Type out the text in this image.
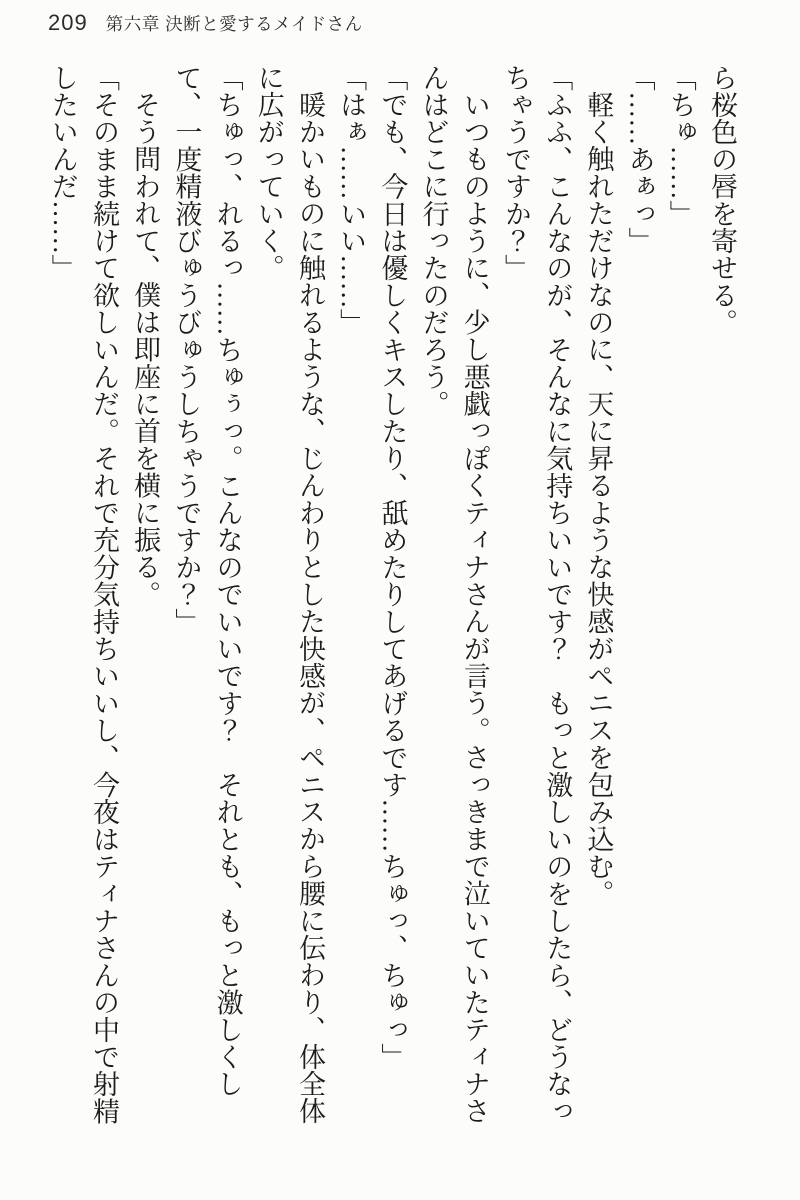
209 第六章 決断と愛するメイドさん

ら桜色の唇を寄せる。

「ちゅ……」

「……あぁっ」

軽く触れただけなのに、天に昇るような快感がペニスを包み込む。

「ふふ、こんなのが、そんなに気持ちいいです？　もっと激しいのをしたら、どうなっちゃうですか？」

いつものように、少し悪戯っぽくティナさんが言う。さっきまで泣いていたティナさんはどこに行ったのだろう。

「でも、今日は優しくキスしたり、舐めたりしてあげるです……ちゅっ、ちゅっ」

「はぁ……いい……」

暖かいものに触れるような、じんわりとした快感が、ペニスから腰に伝わり、体全体に広がっていく。

「ちゅっ、れるっ……ちゅぅっ。こんなのでいいです？　それとも、もっと激しくして、一度精液びゅうびゅうしちゃうですか？」

そう問われて、僕は即座に首を横に振る。

「そのまま続けて欲しいんだ。それで充分気持ちいいし、今夜はティナさんの中で射精したいんだ……」
